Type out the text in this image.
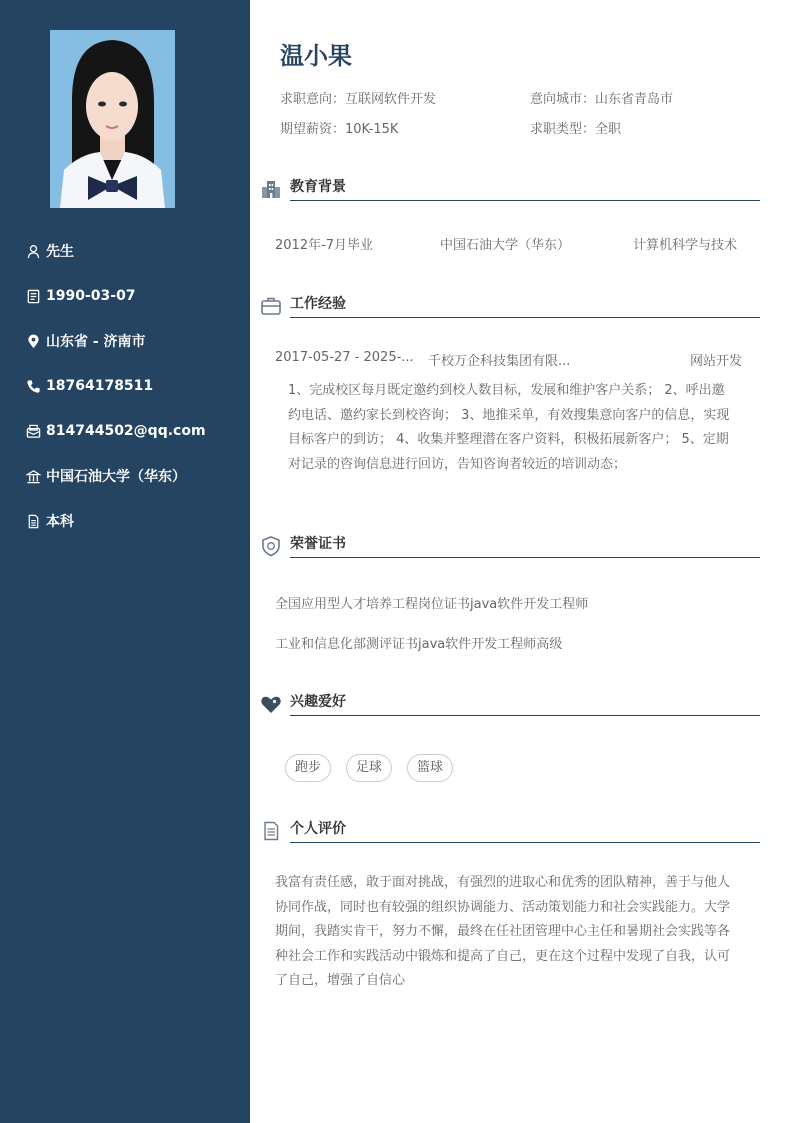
先生
1990-03-07
山东省 - 济南市
18764178511
814744502@qq.com
中国石油大学（华东）
本科
温小果
求职意向：互联网软件开发	意向城市：山东省青岛市
期望薪资：10K-15K	求职类型：全职
教育背景
2012年-7月毕业	中国石油大学（华东）	计算机科学与技术
工作经验
2017-05-27 - 2025-... 千校万企科技集团有限...	网站开发
1、完成校区每月既定邀约到校人数目标，发展和维护客户关系； 2、呼出邀约电话、邀约家长到校咨询； 3、地推采单，有效搜集意向客户的信息，实现目标客户的到访； 4、收集并整理潜在客户资料，积极拓展新客户； 5、定期对记录的咨询信息进行回访，告知咨询者较近的培训动态；
荣誉证书
全国应用型人才培养工程岗位证书java软件开发工程师
工业和信息化部测评证书java软件开发工程师高级
兴趣爱好
跑步	足球	篮球
个人评价
我富有责任感，敢于面对挑战，有强烈的进取心和优秀的团队精神，善于与他人协同作战，同时也有较强的组织协调能力、活动策划能力和社会实践能力。大学期间，我踏实肯干，努力不懈，最终在任社团管理中心主任和暑期社会实践等各种社会工作和实践活动中锻炼和提高了自己，更在这个过程中发现了自我，认可了自己，增强了自信心
